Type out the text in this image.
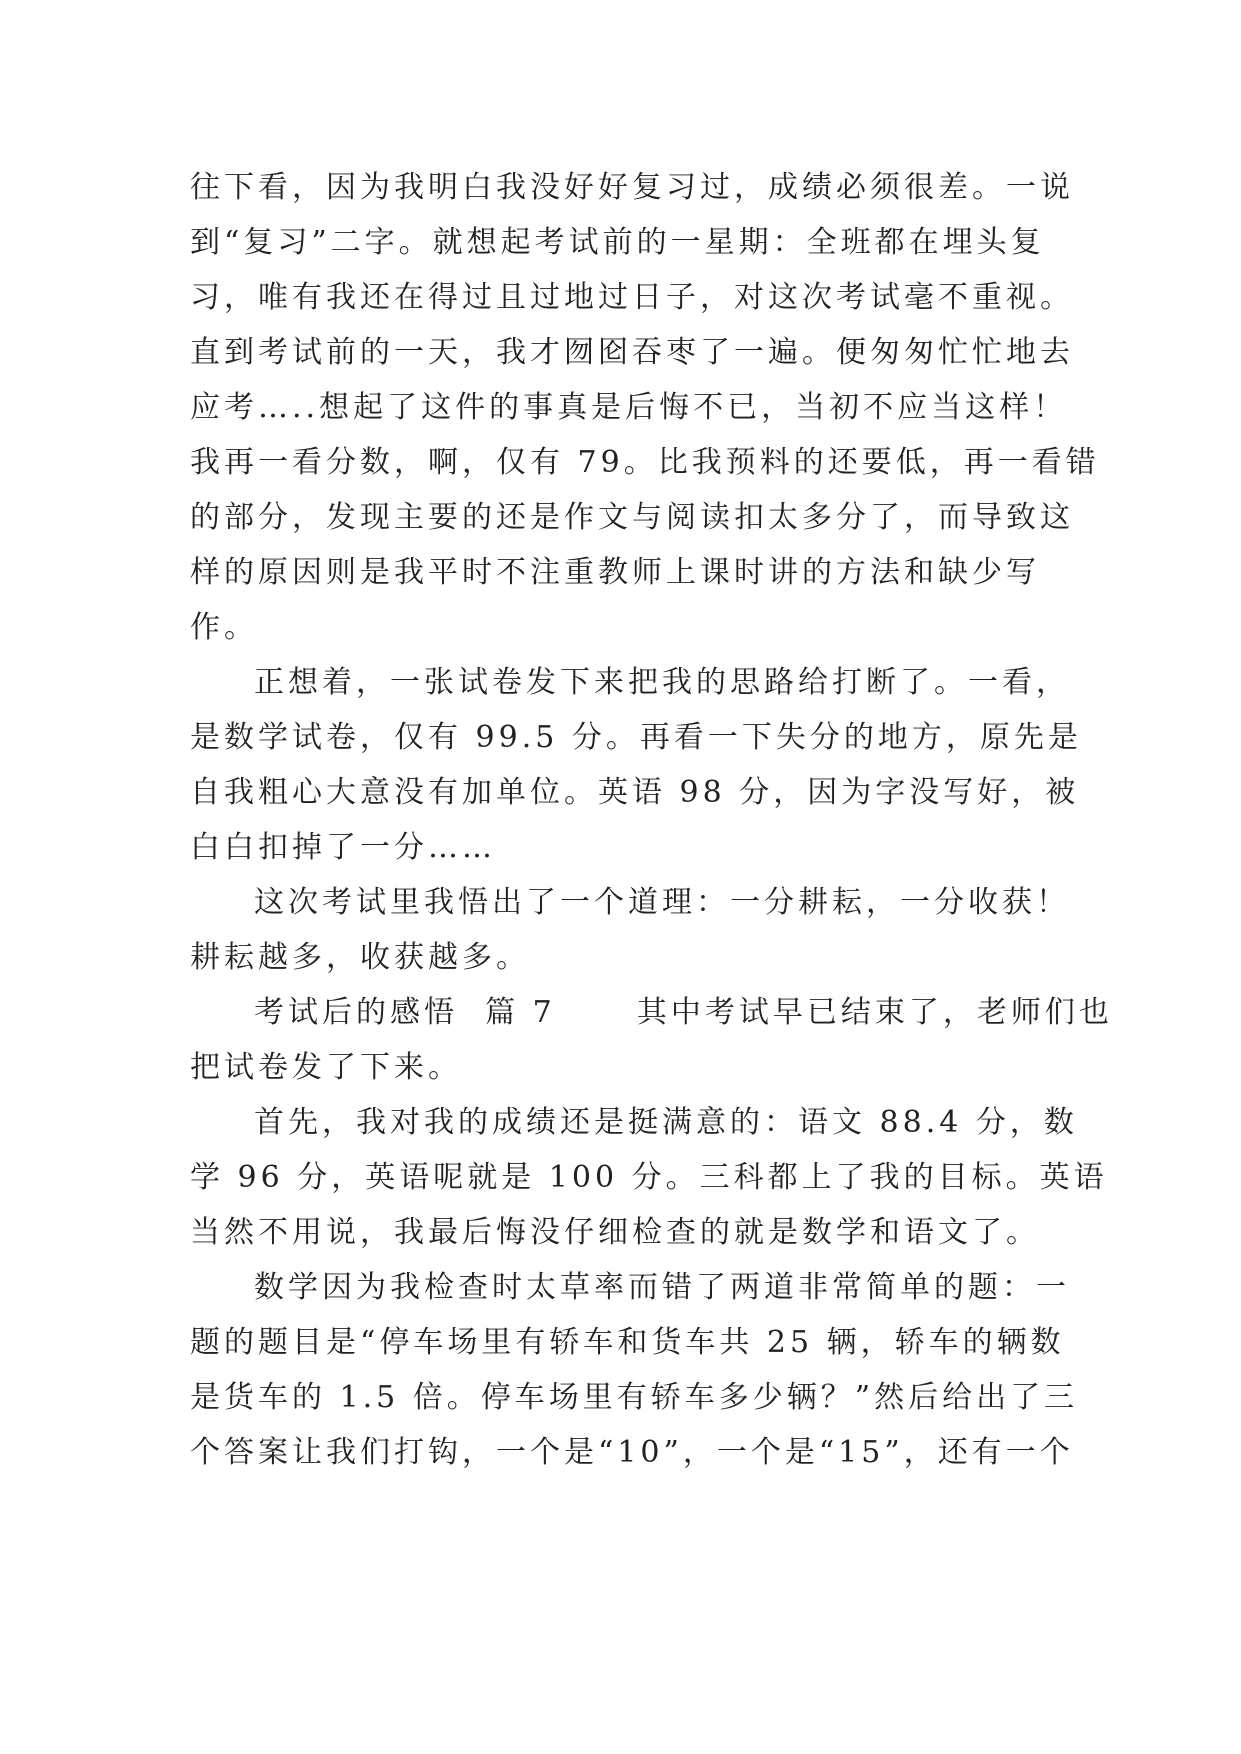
往下看，因为我明白我没好好复习过，成绩必须很差。一说
到“复习”二字。就想起考试前的一星期：全班都在埋头复
习，唯有我还在得过且过地过日子，对这次考试毫不重视。
直到考试前的一天，我才囫囵吞枣了一遍。便匆匆忙忙地去
应考…..想起了这件的事真是后悔不已，当初不应当这样！
我再一看分数，啊，仅有 79。比我预料的还要低，再一看错
的部分，发现主要的还是作文与阅读扣太多分了，而导致这
样的原因则是我平时不注重教师上课时讲的方法和缺少写
作。
正想着，一张试卷发下来把我的思路给打断了。一看，
是数学试卷，仅有 99.5 分。再看一下失分的地方，原先是
自我粗心大意没有加单位。英语 98 分，因为字没写好，被
白白扣掉了一分……
这次考试里我悟出了一个道理：一分耕耘，一分收获！
耕耘越多，收获越多。
考试后的感悟  篇 7      其中考试早已结束了，老师们也
把试卷发了下来。
首先，我对我的成绩还是挺满意的：语文 88.4 分，数
学 96 分，英语呢就是 100 分。三科都上了我的目标。英语
当然不用说，我最后悔没仔细检查的就是数学和语文了。
数学因为我检查时太草率而错了两道非常简单的题：一
题的题目是“停车场里有轿车和货车共 25 辆，轿车的辆数
是货车的 1.5 倍。停车场里有轿车多少辆？”然后给出了三
个答案让我们打钩，一个是“10”，一个是“15”，还有一个
